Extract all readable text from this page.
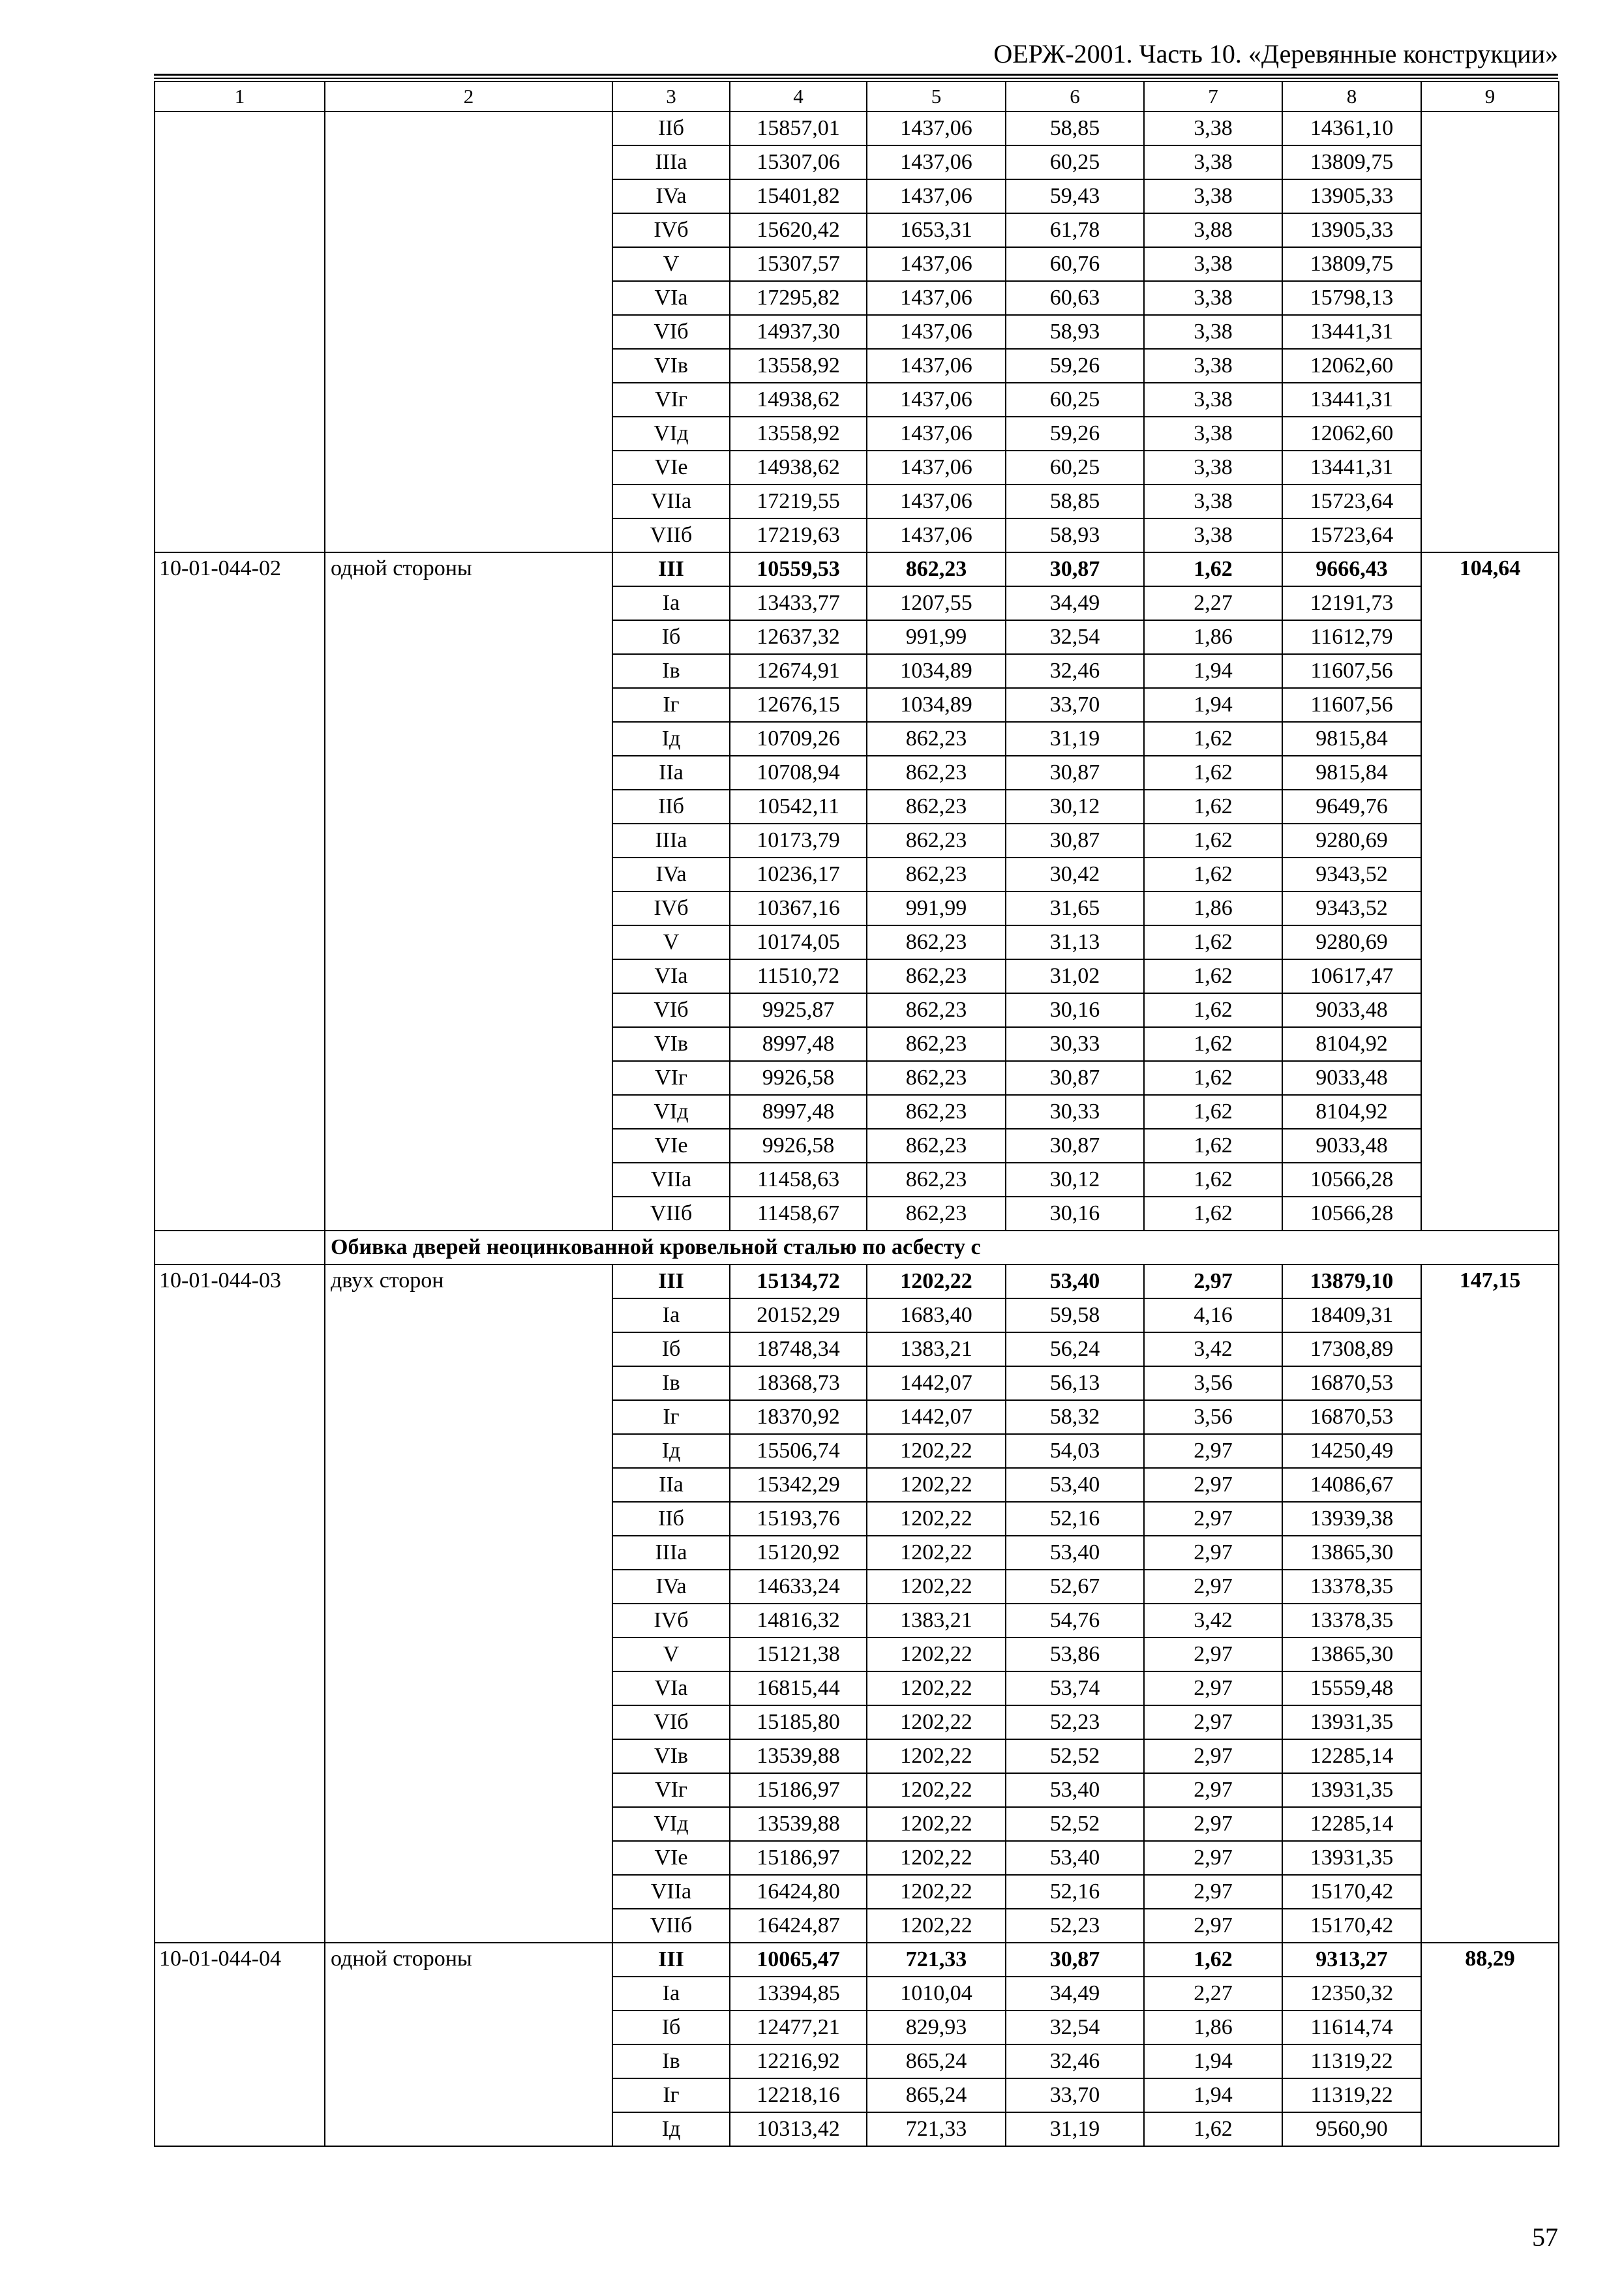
ОЕРЖ-2001. Часть 10. «Деревянные конструкции»
1	2	3	4	5	6	7	8	9
		IIб	15857,01	1437,06	58,85	3,38	14361,10	
		IIIa	15307,06	1437,06	60,25	3,38	13809,75	
		IVa	15401,82	1437,06	59,43	3,38	13905,33	
		IVб	15620,42	1653,31	61,78	3,88	13905,33	
		V	15307,57	1437,06	60,76	3,38	13809,75	
		VIa	17295,82	1437,06	60,63	3,38	15798,13	
		VIб	14937,30	1437,06	58,93	3,38	13441,31	
		VIв	13558,92	1437,06	59,26	3,38	12062,60	
		VIг	14938,62	1437,06	60,25	3,38	13441,31	
		VIд	13558,92	1437,06	59,26	3,38	12062,60	
		VIe	14938,62	1437,06	60,25	3,38	13441,31	
		VIIa	17219,55	1437,06	58,85	3,38	15723,64	
		VIIб	17219,63	1437,06	58,93	3,38	15723,64	
10-01-044-02	одной стороны	III	10559,53	862,23	30,87	1,62	9666,43	104,64
		Ia	13433,77	1207,55	34,49	2,27	12191,73	
		Iб	12637,32	991,99	32,54	1,86	11612,79	
		Iв	12674,91	1034,89	32,46	1,94	11607,56	
		Iг	12676,15	1034,89	33,70	1,94	11607,56	
		Iд	10709,26	862,23	31,19	1,62	9815,84	
		IIa	10708,94	862,23	30,87	1,62	9815,84	
		IIб	10542,11	862,23	30,12	1,62	9649,76	
		IIIa	10173,79	862,23	30,87	1,62	9280,69	
		IVa	10236,17	862,23	30,42	1,62	9343,52	
		IVб	10367,16	991,99	31,65	1,86	9343,52	
		V	10174,05	862,23	31,13	1,62	9280,69	
		VIa	11510,72	862,23	31,02	1,62	10617,47	
		VIб	9925,87	862,23	30,16	1,62	9033,48	
		VIв	8997,48	862,23	30,33	1,62	8104,92	
		VIг	9926,58	862,23	30,87	1,62	9033,48	
		VIд	8997,48	862,23	30,33	1,62	8104,92	
		VIe	9926,58	862,23	30,87	1,62	9033,48	
		VIIa	11458,63	862,23	30,12	1,62	10566,28	
		VIIб	11458,67	862,23	30,16	1,62	10566,28	
	Обивка дверей неоцинкованной кровельной сталью по асбесту с							
10-01-044-03	двух сторон	III	15134,72	1202,22	53,40	2,97	13879,10	147,15
		Ia	20152,29	1683,40	59,58	4,16	18409,31	
		Iб	18748,34	1383,21	56,24	3,42	17308,89	
		Iв	18368,73	1442,07	56,13	3,56	16870,53	
		Iг	18370,92	1442,07	58,32	3,56	16870,53	
		Iд	15506,74	1202,22	54,03	2,97	14250,49	
		IIa	15342,29	1202,22	53,40	2,97	14086,67	
		IIб	15193,76	1202,22	52,16	2,97	13939,38	
		IIIa	15120,92	1202,22	53,40	2,97	13865,30	
		IVa	14633,24	1202,22	52,67	2,97	13378,35	
		IVб	14816,32	1383,21	54,76	3,42	13378,35	
		V	15121,38	1202,22	53,86	2,97	13865,30	
		VIa	16815,44	1202,22	53,74	2,97	15559,48	
		VIб	15185,80	1202,22	52,23	2,97	13931,35	
		VIв	13539,88	1202,22	52,52	2,97	12285,14	
		VIг	15186,97	1202,22	53,40	2,97	13931,35	
		VIд	13539,88	1202,22	52,52	2,97	12285,14	
		VIe	15186,97	1202,22	53,40	2,97	13931,35	
		VIIa	16424,80	1202,22	52,16	2,97	15170,42	
		VIIб	16424,87	1202,22	52,23	2,97	15170,42	
10-01-044-04	одной стороны	III	10065,47	721,33	30,87	1,62	9313,27	88,29
		Ia	13394,85	1010,04	34,49	2,27	12350,32	
		Iб	12477,21	829,93	32,54	1,86	11614,74	
		Iв	12216,92	865,24	32,46	1,94	11319,22	
		Iг	12218,16	865,24	33,70	1,94	11319,22	
		Iд	10313,42	721,33	31,19	1,62	9560,90	
57
